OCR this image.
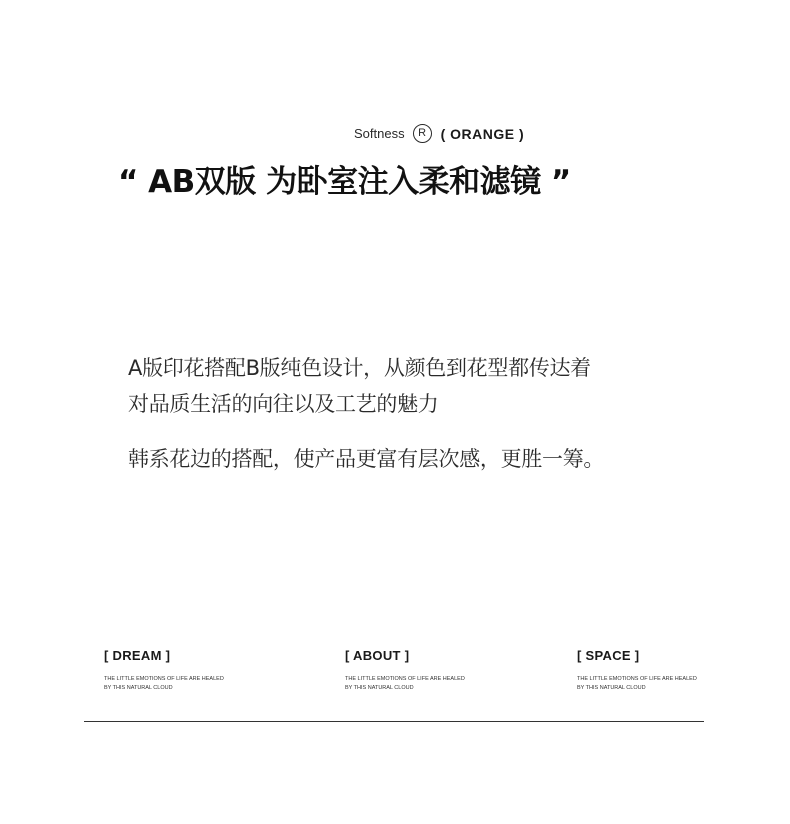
Softness	R	( ORANGE )
“ AB双版 为卧室注入柔和滤镜 ”

A版印花搭配B版纯色设计，从颜色到花型都传达着

对品质生活的向往以及工艺的魅力

韩系花边的搭配，使产品更富有层次感，更胜一筹。

[ DREAM ]
THE LITTLE EMOTIONS OF LIFE ARE HEALED
BY THIS NATURAL CLOUD
[ ABOUT ]
THE LITTLE EMOTIONS OF LIFE ARE HEALED
BY THIS NATURAL CLOUD
[ SPACE ]
THE LITTLE EMOTIONS OF LIFE ARE HEALED
BY THIS NATURAL CLOUD
